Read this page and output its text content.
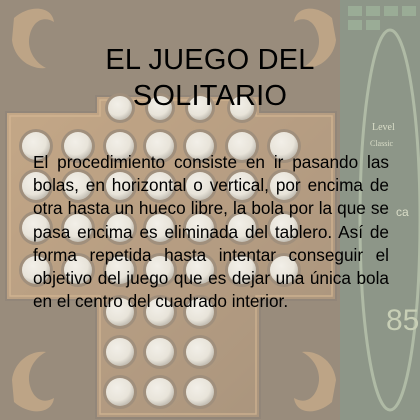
EL JUEGO DEL
SOLITARIO
El procedimiento consiste en ir pasando las bolas, en horizontal o vertical, por encima de otra hasta un hueco libre, la bola por la que se pasa encima es eliminada del tablero. Así de forma repetida hasta intentar conseguir el objetivo del juego que es dejar una única bola en el centro del cuadrado interior.
